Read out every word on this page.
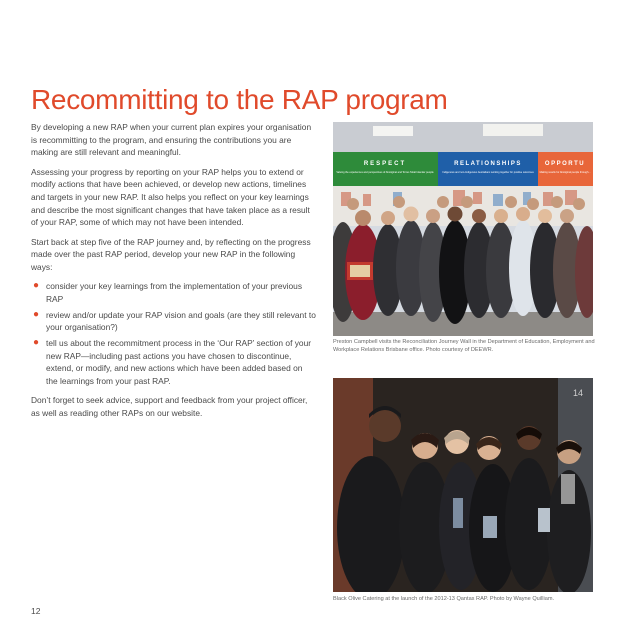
Recommitting to the RAP program

By developing a new RAP when your current plan expires your organisation is recommitting to the program, and ensuring the contributions you are making are still relevant and meaningful.

Assessing your progress by reporting on your RAP helps you to extend or modify actions that have been achieved, or develop new actions, timelines and targets in your new RAP. It also helps you reflect on your key learnings and describe the most significant changes that have taken place as a result of your RAP, some of which may not have been intended.

Start back at step five of the RAP journey and, by reflecting on the progress made over the past RAP period, develop your new RAP in the following ways:

● consider your key learnings from the implementation of your previous RAP
● review and/or update your RAP vision and goals (are they still relevant to your organisation?)
● tell us about the recommitment process in the ‘Our RAP’ section of your new RAP—including past actions you have chosen to discontinue, extend, or modify, and new actions which have been added based on the learnings from your past RAP.

Don’t forget to seek advice, support and feedback from your project officer, as well as reading other RAPs on our website.

RESPECT	RELATIONSHIPS	OPPORTU
Valuing the experiences and perspectives of Aboriginal and Torres Strait Islander people	Indigenous and non-Indigenous Australians working together for positive outcomes Making results for Aboriginal people through...
Preston Campbell visits the Reconciliation Journey Wall in the Department of Education, Employment and Workplace Relations Brisbane office. Photo courtesy of DEEWR.
14
Black Olive Catering at the launch of the 2012-13 Qantas RAP. Photo by Wayne Quilliam.
12
